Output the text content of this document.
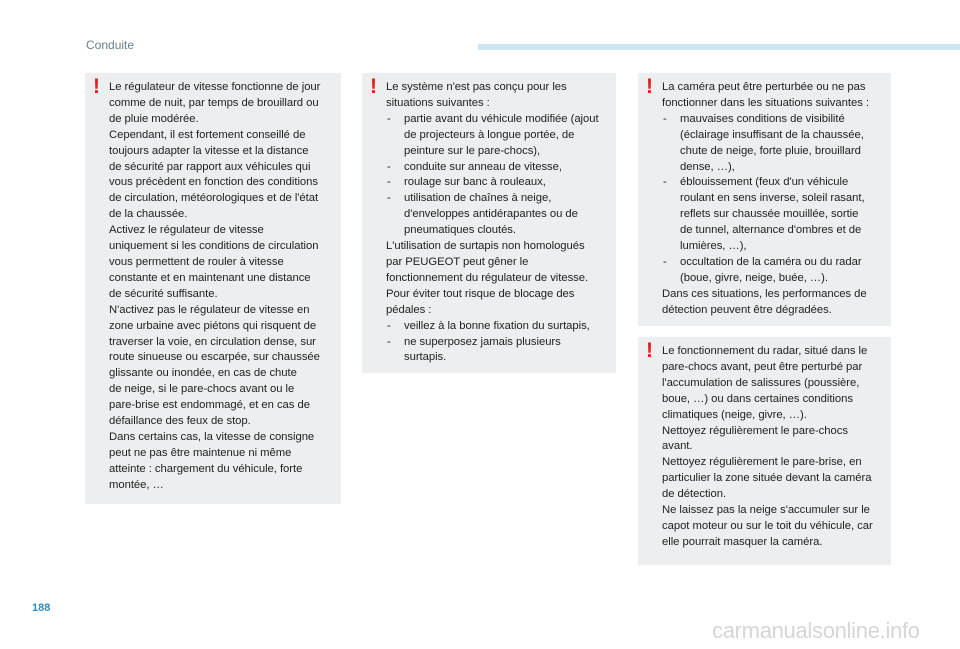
Conduite
! Le régulateur de vitesse fonctionne de jour

comme de nuit, par temps de brouillard ou

de pluie modérée.

Cependant, il est fortement conseillé de

toujours adapter la vitesse et la distance

de sécurité par rapport aux véhicules qui

vous précèdent en fonction des conditions

de circulation, météorologiques et de l'état

de la chaussée.

Activez le régulateur de vitesse

uniquement si les conditions de circulation

vous permettent de rouler à vitesse

constante et en maintenant une distance

de sécurité suffisante.

N'activez pas le régulateur de vitesse en

zone urbaine avec piétons qui risquent de

traverser la voie, en circulation dense, sur

route sinueuse ou escarpée, sur chaussée

glissante ou inondée, en cas de chute

de neige, si le pare-chocs avant ou le

pare-brise est endommagé, et en cas de

défaillance des feux de stop.

Dans certains cas, la vitesse de consigne

peut ne pas être maintenue ni même

atteinte : chargement du véhicule, forte

montée, …

! Le système n'est pas conçu pour les

situations suivantes :

- partie avant du véhicule modifiée (ajout
de projecteurs à longue portée, de
peinture sur le pare-chocs),
- conduite sur anneau de vitesse,
- roulage sur banc à rouleaux,
- utilisation de chaînes à neige,
d'enveloppes antidérapantes ou de
pneumatiques cloutés.

L'utilisation de surtapis non homologués

par PEUGEOT peut gêner le

fonctionnement du régulateur de vitesse.

Pour éviter tout risque de blocage des

pédales :

- veillez à la bonne fixation du surtapis,
- ne superposez jamais plusieurs
surtapis.
! La caméra peut être perturbée ou ne pas

fonctionner dans les situations suivantes :

- mauvaises conditions de visibilité
(éclairage insuffisant de la chaussée,
chute de neige, forte pluie, brouillard
dense, …),
- éblouissement (feux d'un véhicule
roulant en sens inverse, soleil rasant,
reflets sur chaussée mouillée, sortie
de tunnel, alternance d'ombres et de
lumières, …),
- occultation de la caméra ou du radar
(boue, givre, neige, buée, …).

Dans ces situations, les performances de

détection peuvent être dégradées.

! Le fonctionnement du radar, situé dans le

pare-chocs avant, peut être perturbé par

l'accumulation de salissures (poussière,

boue, …) ou dans certaines conditions

climatiques (neige, givre, …).

Nettoyez régulièrement le pare-chocs

avant.

Nettoyez régulièrement le pare-brise, en

particulier la zone située devant la caméra

de détection.

Ne laissez pas la neige s'accumuler sur le

capot moteur ou sur le toit du véhicule, car

elle pourrait masquer la caméra.

188
carmanualsonline.info
